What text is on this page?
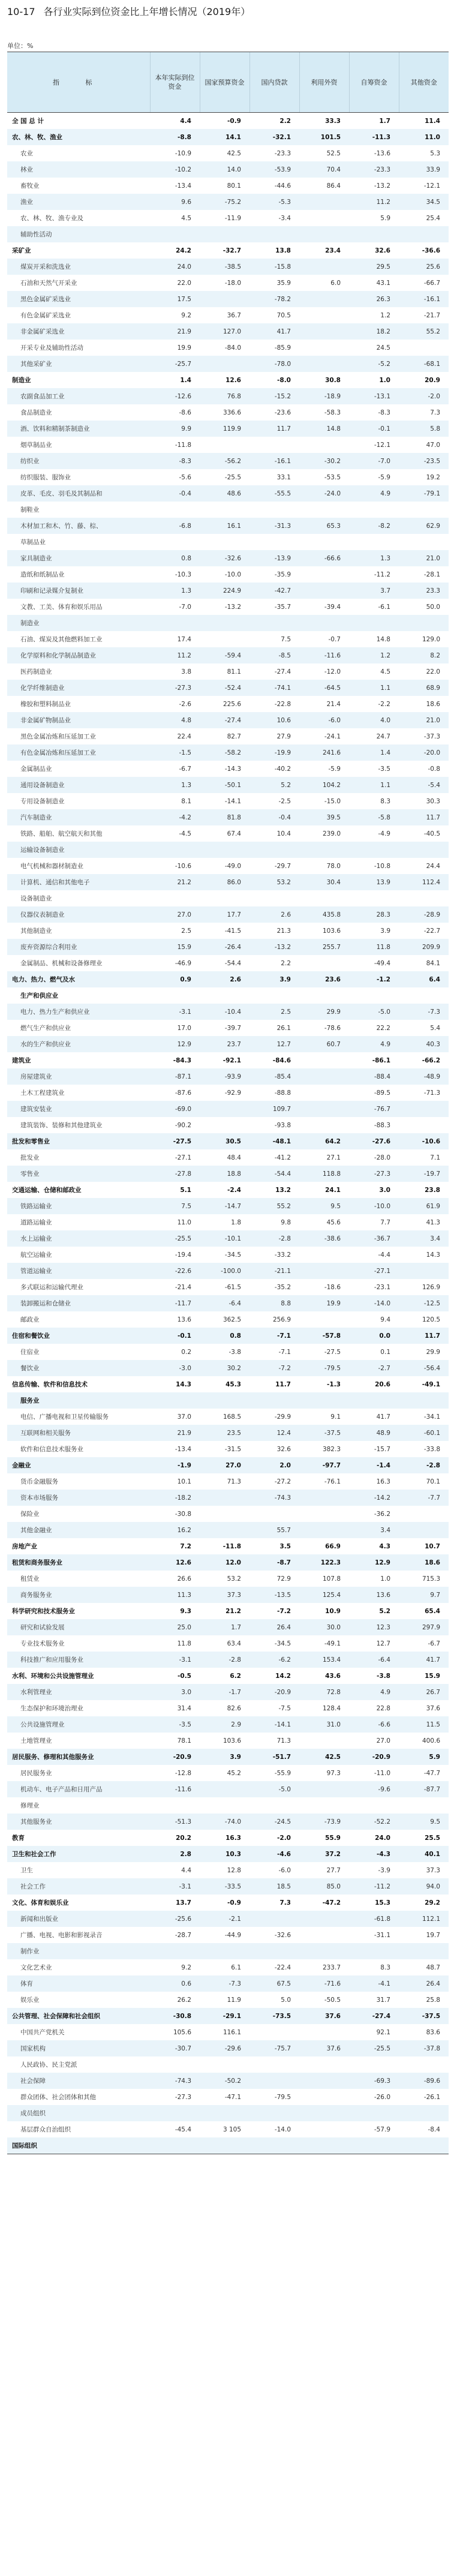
10-17 各行业实际到位资金比上年增长情况（2019年）
单位：%
指 标	本年实际到位资金	国家预算资金	国内贷款	利用外资	自筹资金	其他资金
全 国 总 计	4.4	-0.9	2.2	33.3	1.7	11.4
农、林、牧、渔业	-8.8	14.1	-32.1	101.5	-11.3	11.0
农业	-10.9	42.5	-23.3	52.5	-13.6	5.3
林业	-10.2	14.0	-53.9	70.4	-23.3	33.9
畜牧业	-13.4	80.1	-44.6	86.4	-13.2	-12.1
渔业	9.6	-75.2	-5.3		11.2	34.5
农、林、牧、渔专业及	4.5	-11.9	-3.4		5.9	25.4
辅助性活动						
采矿业	24.2	-32.7	13.8	23.4	32.6	-36.6
煤炭开采和洗选业	24.0	-38.5	-15.8		29.5	25.6
石油和天然气开采业	22.0	-18.0	35.9	6.0	43.1	-66.7
黑色金属矿采选业	17.5		-78.2		26.3	-16.1
有色金属矿采选业	9.2	36.7	70.5		1.2	-21.7
非金属矿采选业	21.9	127.0	41.7		18.2	55.2
开采专业及辅助性活动	19.9	-84.0	-85.9		24.5	
其他采矿业	-25.7		-78.0		-5.2	-68.1
制造业	1.4	12.6	-8.0	30.8	1.0	20.9
农副食品加工业	-12.6	76.8	-15.2	-18.9	-13.1	-2.0
食品制造业	-8.6	336.6	-23.6	-58.3	-8.3	7.3
酒、饮料和精制茶制造业	9.9	119.9	11.7	14.8	-0.1	5.8
烟草制品业	-11.8				-12.1	47.0
纺织业	-8.3	-56.2	-16.1	-30.2	-7.0	-23.5
纺织服装、服饰业	-5.6	-25.5	33.1	-53.5	-5.9	19.2
皮革、毛皮、羽毛及其制品和	-0.4	48.6	-55.5	-24.0	4.9	-79.1
制鞋业						
木材加工和木、竹、藤、棕、	-6.8	16.1	-31.3	65.3	-8.2	62.9
草制品业						
家具制造业	0.8	-32.6	-13.9	-66.6	1.3	21.0
造纸和纸制品业	-10.3	-10.0	-35.9		-11.2	-28.1
印刷和记录媒介复制业	1.3	224.9	-42.7		3.7	23.3
文教、工美、体育和娱乐用品	-7.0	-13.2	-35.7	-39.4	-6.1	50.0
制造业						
石油、煤炭及其他燃料加工业	17.4		7.5	-0.7	14.8	129.0
化学原料和化学制品制造业	11.2	-59.4	-8.5	-11.6	1.2	8.2
医药制造业	3.8	81.1	-27.4	-12.0	4.5	22.0
化学纤维制造业	-27.3	-52.4	-74.1	-64.5	1.1	68.9
橡胶和塑料制品业	-2.6	225.6	-22.8	21.4	-2.2	18.6
非金属矿物制品业	4.8	-27.4	10.6	-6.0	4.0	21.0
黑色金属冶炼和压延加工业	22.4	82.7	27.9	-24.1	24.7	-37.3
有色金属冶炼和压延加工业	-1.5	-58.2	-19.9	241.6	1.4	-20.0
金属制品业	-6.7	-14.3	-40.2	-5.9	-3.5	-0.8
通用设备制造业	1.3	-50.1	5.2	104.2	1.1	-5.4
专用设备制造业	8.1	-14.1	-2.5	-15.0	8.3	30.3
汽车制造业	-4.2	81.8	-0.4	39.5	-5.8	11.7
铁路、船舶、航空航天和其他	-4.5	67.4	10.4	239.0	-4.9	-40.5
运输设备制造业						
电气机械和器材制造业	-10.6	-49.0	-29.7	78.0	-10.8	24.4
计算机、通信和其他电子	21.2	86.0	53.2	30.4	13.9	112.4
设备制造业						
仪器仪表制造业	27.0	17.7	2.6	435.8	28.3	-28.9
其他制造业	2.5	-41.5	21.3	103.6	3.9	-22.7
废弃资源综合利用业	15.9	-26.4	-13.2	255.7	11.8	209.9
金属制品、机械和设备修理业	-46.9	-54.4	2.2		-49.4	84.1
电力、热力、燃气及水	0.9	2.6	3.9	23.6	-1.2	6.4
生产和供应业						
电力、热力生产和供应业	-3.1	-10.4	2.5	29.9	-5.0	-7.3
燃气生产和供应业	17.0	-39.7	26.1	-78.6	22.2	5.4
水的生产和供应业	12.9	23.7	12.7	60.7	4.9	40.3
建筑业	-84.3	-92.1	-84.6		-86.1	-66.2
房屋建筑业	-87.1	-93.9	-85.4		-88.4	-48.9
土木工程建筑业	-87.6	-92.9	-88.8		-89.5	-71.3
建筑安装业	-69.0		109.7		-76.7	
建筑装饰、装修和其他建筑业	-90.2		-93.8		-88.3	
批发和零售业	-27.5	30.5	-48.1	64.2	-27.6	-10.6
批发业	-27.1	48.4	-41.2	27.1	-28.0	7.1
零售业	-27.8	18.8	-54.4	118.8	-27.3	-19.7
交通运输、仓储和邮政业	5.1	-2.4	13.2	24.1	3.0	23.8
铁路运输业	7.5	-14.7	55.2	9.5	-10.0	61.9
道路运输业	11.0	1.8	9.8	45.6	7.7	41.3
水上运输业	-25.5	-10.1	-2.8	-38.6	-36.7	3.4
航空运输业	-19.4	-34.5	-33.2		-4.4	14.3
管道运输业	-22.6	-100.0	-21.1		-27.1	
多式联运和运输代理业	-21.4	-61.5	-35.2	-18.6	-23.1	126.9
装卸搬运和仓储业	-11.7	-6.4	8.8	19.9	-14.0	-12.5
邮政业	13.6	362.5	256.9		9.4	120.5
住宿和餐饮业	-0.1	0.8	-7.1	-57.8	0.0	11.7
住宿业	0.2	-3.8	-7.1	-27.5	0.1	29.9
餐饮业	-3.0	30.2	-7.2	-79.5	-2.7	-56.4
信息传输、软件和信息技术	14.3	45.3	11.7	-1.3	20.6	-49.1
服务业						
电信、广播电视和卫星传输服务	37.0	168.5	-29.9	9.1	41.7	-34.1
互联网和相关服务	21.9	23.5	12.4	-37.5	48.9	-60.1
软件和信息技术服务业	-13.4	-31.5	32.6	382.3	-15.7	-33.8
金融业	-1.9	27.0	2.0	-97.7	-1.4	-2.8
货币金融服务	10.1	71.3	-27.2	-76.1	16.3	70.1
资本市场服务	-18.2		-74.3		-14.2	-7.7
保险业	-30.8				-36.2	
其他金融业	16.2		55.7		3.4	
房地产业	7.2	-11.8	3.5	66.9	4.3	10.7
租赁和商务服务业	12.6	12.0	-8.7	122.3	12.9	18.6
租赁业	26.6	53.2	72.9	107.8	1.0	715.3
商务服务业	11.3	37.3	-13.5	125.4	13.6	9.7
科学研究和技术服务业	9.3	21.2	-7.2	10.9	5.2	65.4
研究和试验发展	25.0	1.7	26.4	30.0	12.3	297.9
专业技术服务业	11.8	63.4	-34.5	-49.1	12.7	-6.7
科技推广和应用服务业	-3.1	-2.8	-6.2	153.4	-6.4	41.7
水利、环境和公共设施管理业	-0.5	6.2	14.2	43.6	-3.8	15.9
水利管理业	3.0	-1.7	-20.9	72.8	4.9	26.7
生态保护和环境治理业	31.4	82.6	-7.5	128.4	22.8	37.6
公共设施管理业	-3.5	2.9	-14.1	31.0	-6.6	11.5
土地管理业	78.1	103.6	71.3		27.0	400.6
居民服务、修理和其他服务业	-20.9	3.9	-51.7	42.5	-20.9	5.9
居民服务业	-12.8	45.2	-55.9	97.3	-11.0	-47.7
机动车、电子产品和日用产品	-11.6		-5.0		-9.6	-87.7
修理业						
其他服务业	-51.3	-74.0	-24.5	-73.9	-52.2	9.5
教育	20.2	16.3	-2.0	55.9	24.0	25.5
卫生和社会工作	2.8	10.3	-4.6	37.2	-4.3	40.1
卫生	4.4	12.8	-6.0	27.7	-3.9	37.3
社会工作	-3.1	-33.5	18.5	85.0	-11.2	94.0
文化、体育和娱乐业	13.7	-0.9	7.3	-47.2	15.3	29.2
新闻和出版业	-25.6	-2.1			-61.8	112.1
广播、电视、电影和影视录音	-28.7	-44.9	-32.6		-31.1	19.7
制作业						
文化艺术业	9.2	6.1	-22.4	233.7	8.3	48.7
体育	0.6	-7.3	67.5	-71.6	-4.1	26.4
娱乐业	26.2	11.9	5.0	-50.5	31.7	25.8
公共管理、社会保障和社会组织	-30.8	-29.1	-73.5	37.6	-27.4	-37.5
中国共产党机关	105.6	116.1			92.1	83.6
国家机构	-30.7	-29.6	-75.7	37.6	-25.5	-37.8
人民政协、民主党派						
社会保障	-74.3	-50.2			-69.3	-89.6
群众团体、社会团体和其他	-27.3	-47.1	-79.5		-26.0	-26.1
成员组织						
基层群众自治组织	-45.4	3 105	-14.0		-57.9	-8.4
国际组织						
